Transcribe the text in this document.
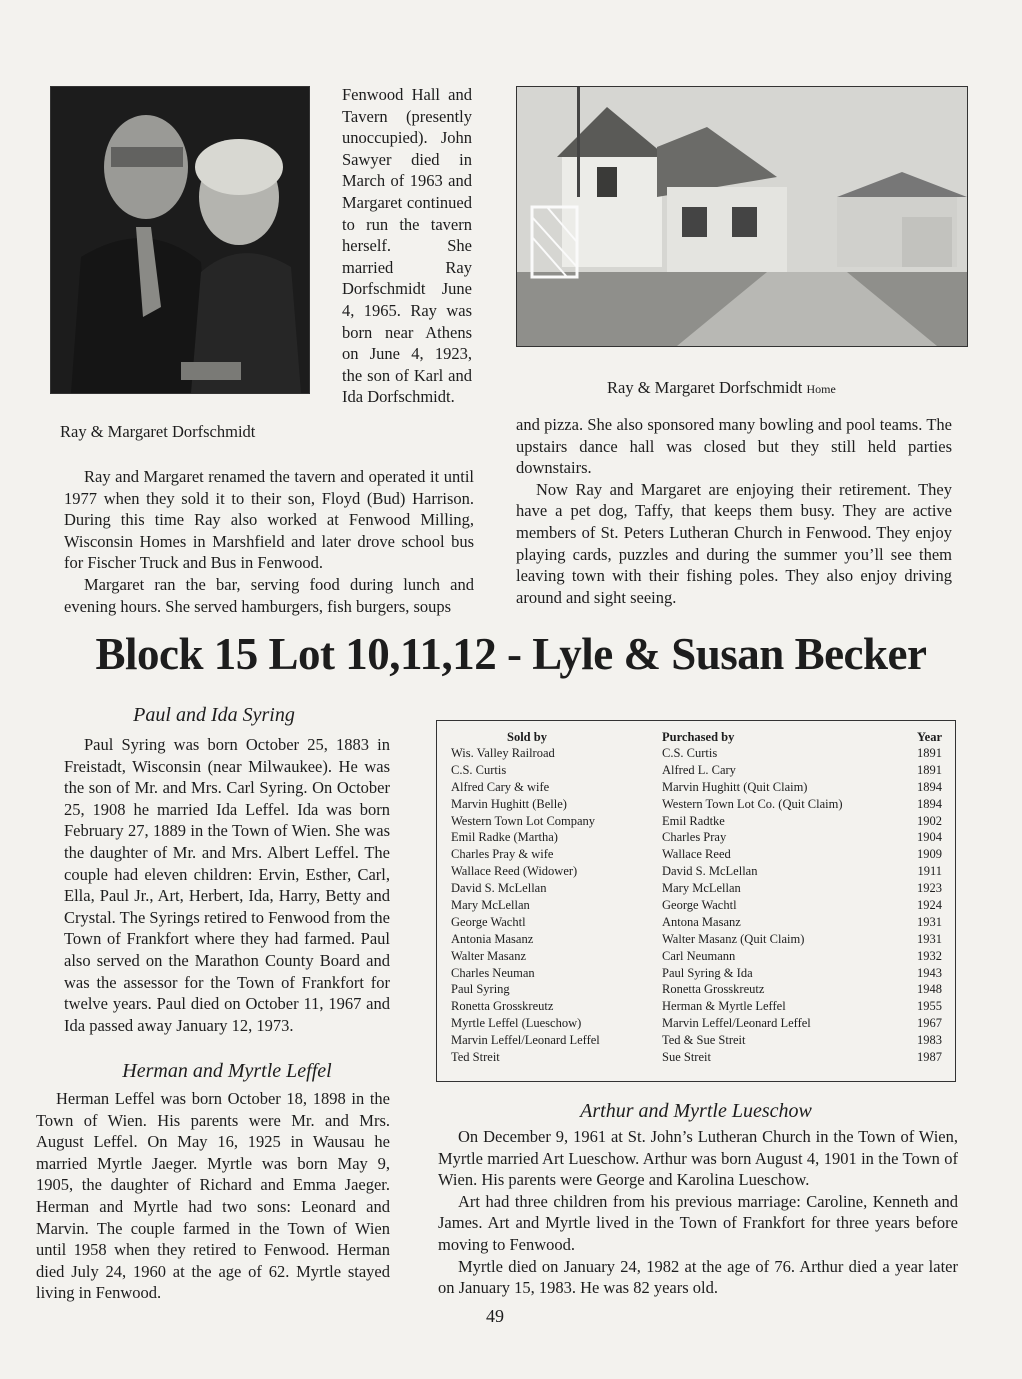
Ray & Margaret Dorfschmidt
Fenwood Hall and Tavern (presently unoccupied). John Sawyer died in March of 1963 and Margaret continued to run the tavern herself. She married Ray Dorfschmidt June 4, 1965. Ray was born near Athens on June 4, 1923, the son of Karl and Ida Dorfschmidt.

Ray and Margaret renamed the tavern and operated it until 1977 when they sold it to their son, Floyd (Bud) Harrison. During this time Ray also worked at Fenwood Milling, Wisconsin Homes in Marshfield and later drove school bus for Fischer Truck and Bus in Fenwood.

Margaret ran the bar, serving food during lunch and evening hours. She served hamburgers, fish burgers, soups

Ray & Margaret Dorfschmidt Home

and pizza. She also sponsored many bowling and pool teams. The upstairs dance hall was closed but they still held parties downstairs.

Now Ray and Margaret are enjoying their retirement. They have a pet dog, Taffy, that keeps them busy. They are active members of St. Peters Lutheran Church in Fenwood. They enjoy playing cards, puzzles and during the summer you’ll see them leaving town with their fishing poles. They also enjoy driving around and sight seeing.

Block 15 Lot 10,11,12 - Lyle & Susan Becker
Paul and Ida Syring

Paul Syring was born October 25, 1883 in Freistadt, Wisconsin (near Milwaukee). He was the son of Mr. and Mrs. Carl Syring. On October 25, 1908 he married Ida Leffel. Ida was born February 27, 1889 in the Town of Wien. She was the daughter of Mr. and Mrs. Albert Leffel. The couple had eleven children: Ervin, Esther, Carl, Ella, Paul Jr., Art, Herbert, Ida, Harry, Betty and Crystal. The Syrings retired to Fenwood from the Town of Frankfort where they had farmed. Paul also served on the Marathon County Board and was the assessor for the Town of Frankfort for twelve years. Paul died on October 11, 1967 and Ida passed away January 12, 1973.

Herman and Myrtle Leffel

Herman Leffel was born October 18, 1898 in the Town of Wien. His parents were Mr. and Mrs. August Leffel. On May 16, 1925 in Wausau he married Myrtle Jaeger. Myrtle was born May 9, 1905, the daughter of Richard and Emma Jaeger. Herman and Myrtle had two sons: Leonard and Marvin. The couple farmed in the Town of Wien until 1958 when they retired to Fenwood. Herman died July 24, 1960 at the age of 62. Myrtle stayed living in Fenwood.

Sold by
Wis. Valley Railroad
C.S. Curtis
Alfred Cary & wife
Marvin Hughitt (Belle)
Western Town Lot Company
Emil Radke (Martha)
Charles Pray & wife
Wallace Reed (Widower)
David S. McLellan
Mary McLellan
George Wachtl
Antonia Masanz
Walter Masanz
Charles Neuman
Paul Syring
Ronetta Grosskreutz
Myrtle Leffel (Lueschow)
Marvin Leffel/Leonard Leffel
Ted Streit
Purchased by
C.S. Curtis
Alfred L. Cary
Marvin Hughitt (Quit Claim)
Western Town Lot Co. (Quit Claim)
Emil Radtke
Charles Pray
Wallace Reed
David S. McLellan
Mary McLellan
George Wachtl
Antona Masanz
Walter Masanz (Quit Claim)
Carl Neumann
Paul Syring & Ida
Ronetta Grosskreutz
Herman & Myrtle Leffel
Marvin Leffel/Leonard Leffel
Ted & Sue Streit
Sue Streit
Year
1891
1891
1894
1894
1902
1904
1909
1911
1923
1924
1931
1931
1932
1943
1948
1955
1967
1983
1987
Arthur and Myrtle Lueschow

On December 9, 1961 at St. John’s Lutheran Church in the Town of Wien, Myrtle married Art Lueschow. Arthur was born August 4, 1901 in the Town of Wien. His parents were George and Karolina Lueschow.

Art had three children from his previous marriage: Caroline, Kenneth and James. Art and Myrtle lived in the Town of Frankfort for three years before moving to Fenwood.

Myrtle died on January 24, 1982 at the age of 76. Arthur died a year later on January 15, 1983. He was 82 years old.

49
